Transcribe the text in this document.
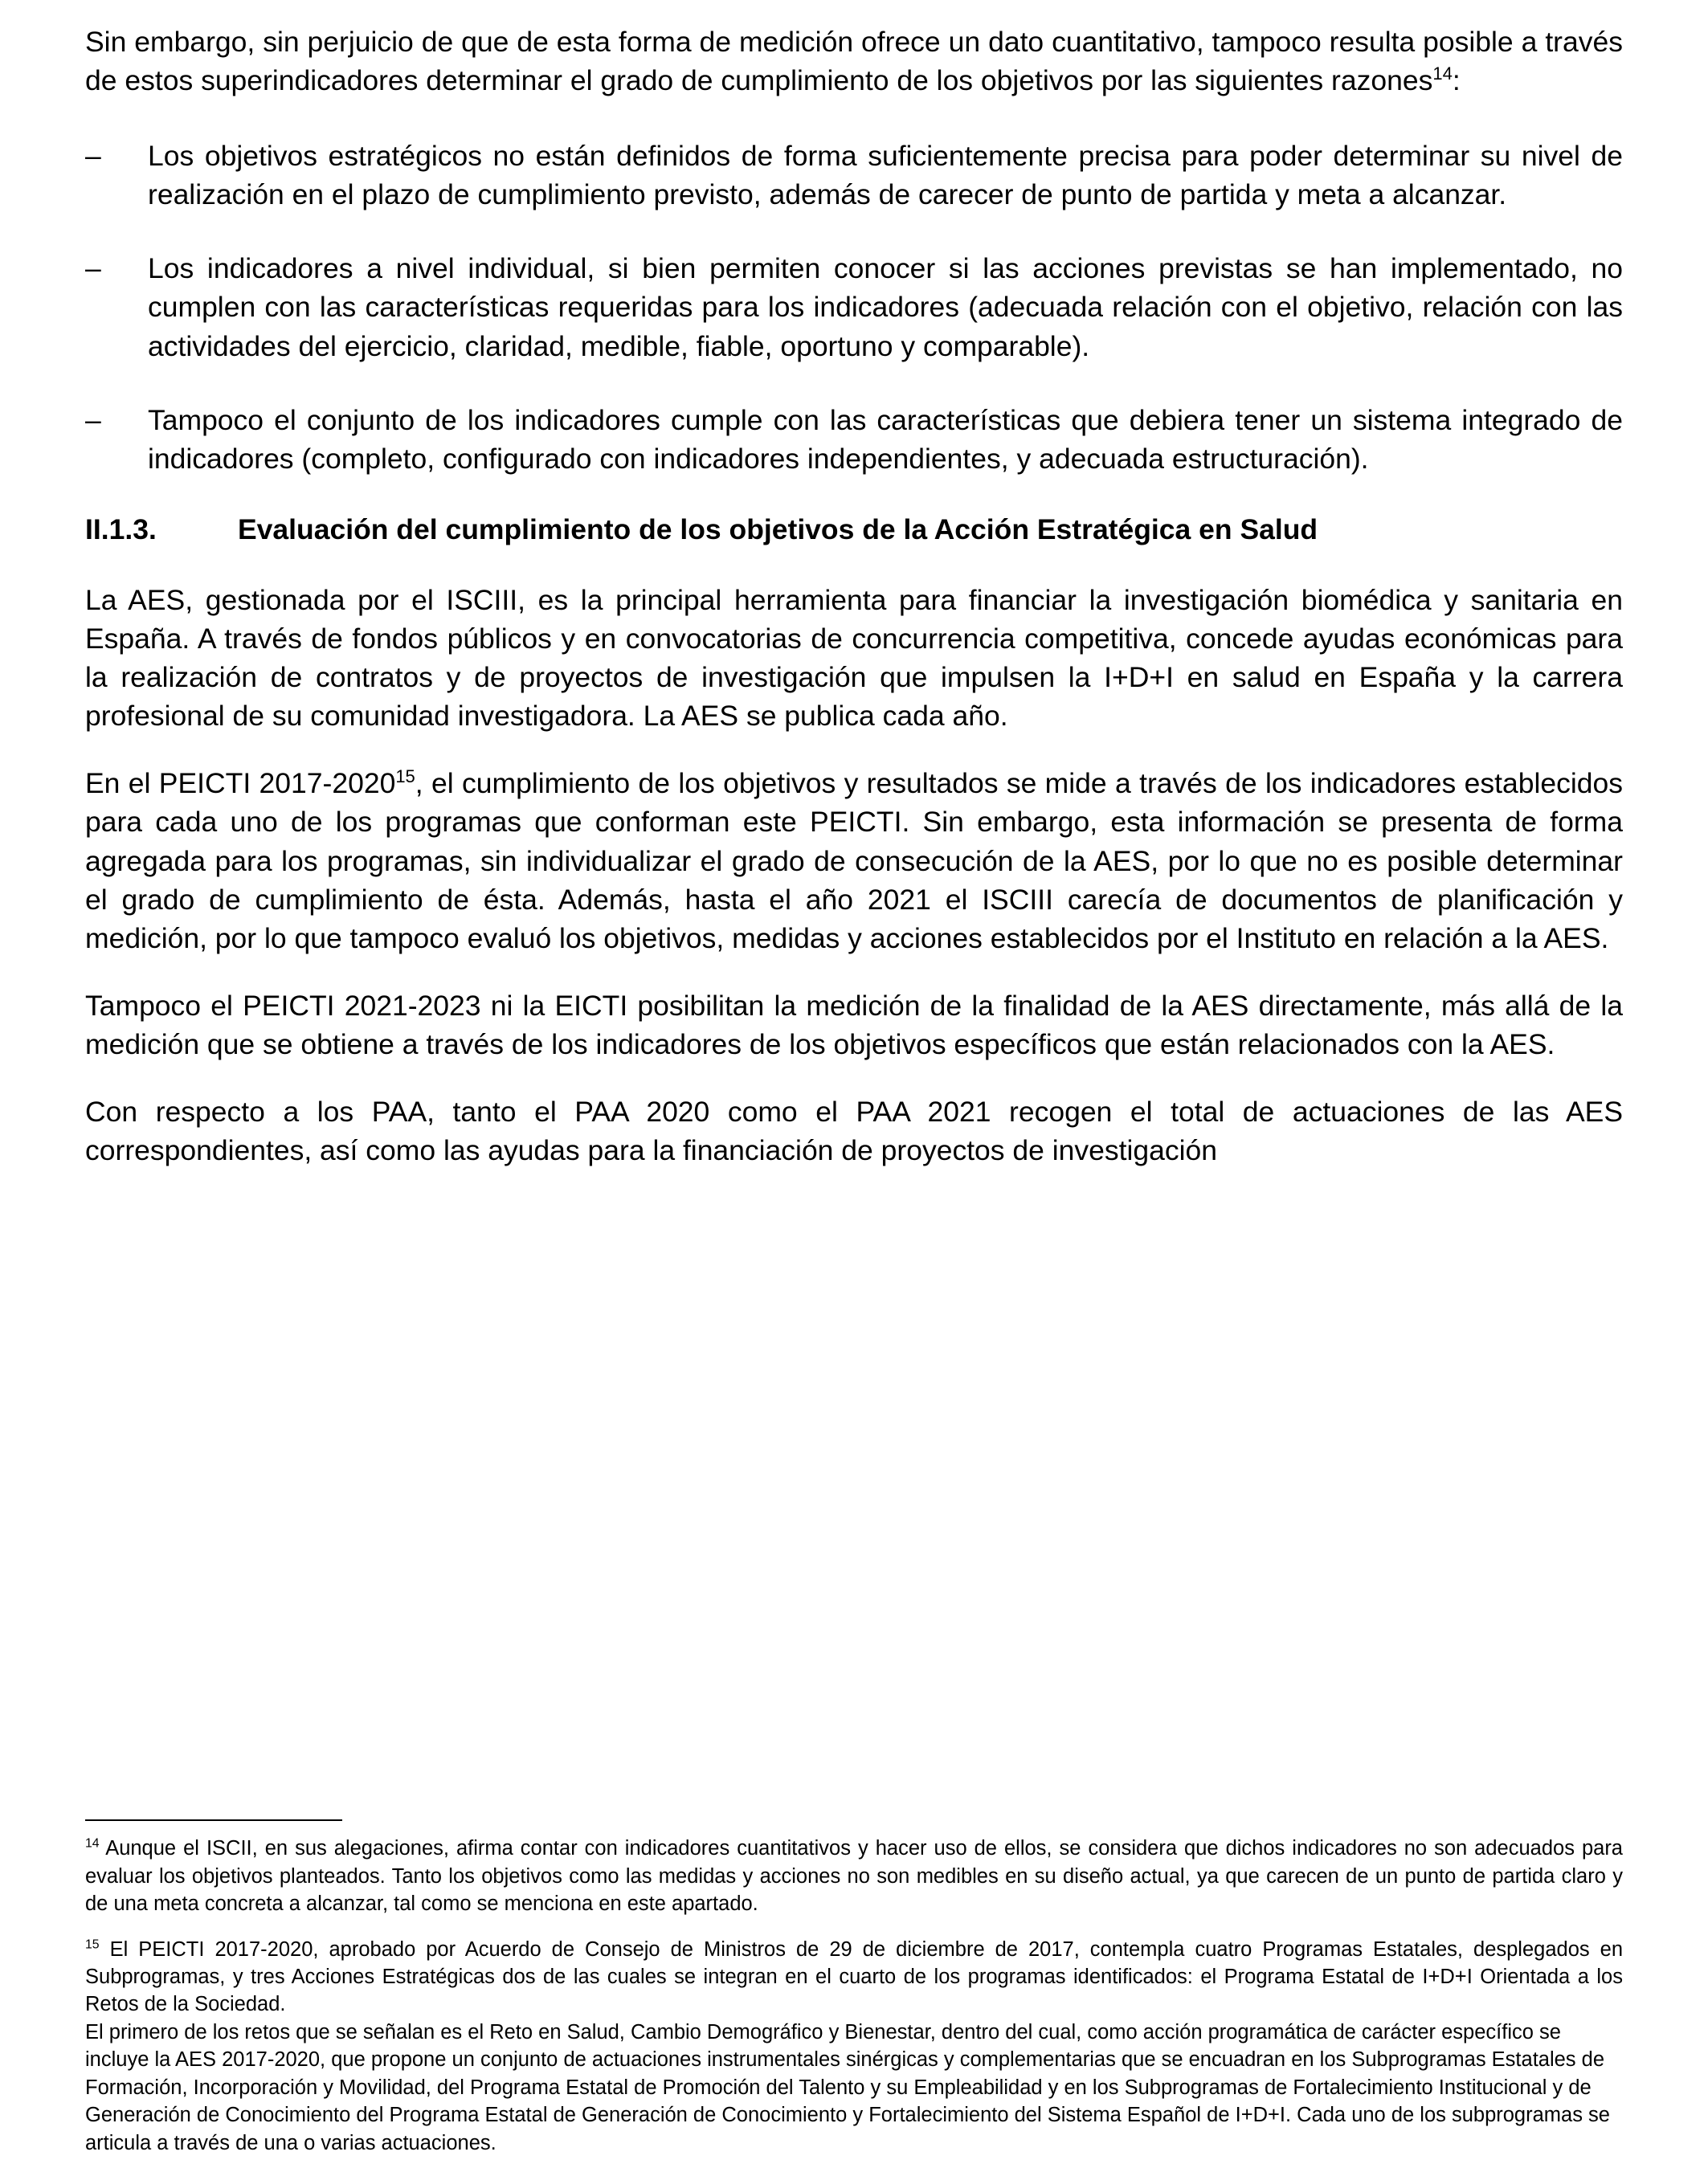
Sin embargo, sin perjuicio de que de esta forma de medición ofrece un dato cuantitativo, tampoco resulta posible a través de estos superindicadores determinar el grado de cumplimiento de los objetivos por las siguientes razones$^{14}$:

– Los objetivos estratégicos no están definidos de forma suficientemente precisa para poder determinar su nivel de realización en el plazo de cumplimiento previsto, además de carecer de punto de partida y meta a alcanzar.
– Los indicadores a nivel individual, si bien permiten conocer si las acciones previstas se han implementado, no cumplen con las características requeridas para los indicadores (adecuada relación con el objetivo, relación con las actividades del ejercicio, claridad, medible, fiable, oportuno y comparable).
– Tampoco el conjunto de los indicadores cumple con las características que debiera tener un sistema integrado de indicadores (completo, configurado con indicadores independientes, y adecuada estructuración).
II.1.3.	Evaluación del cumplimiento de los objetivos de la Acción Estratégica en Salud

La AES, gestionada por el ISCIII, es la principal herramienta para financiar la investigación biomédica y sanitaria en España. A través de fondos públicos y en convocatorias de concurrencia competitiva, concede ayudas económicas para la realización de contratos y de proyectos de investigación que impulsen la I+D+I en salud en España y la carrera profesional de su comunidad investigadora. La AES se publica cada año.

En el PEICTI 2017-2020$^{15}$, el cumplimiento de los objetivos y resultados se mide a través de los indicadores establecidos para cada uno de los programas que conforman este PEICTI. Sin embargo, esta información se presenta de forma agregada para los programas, sin individualizar el grado de consecución de la AES, por lo que no es posible determinar el grado de cumplimiento de ésta. Además, hasta el año 2021 el ISCIII carecía de documentos de planificación y medición, por lo que tampoco evaluó los objetivos, medidas y acciones establecidos por el Instituto en relación a la AES.

Tampoco el PEICTI 2021-2023 ni la EICTI posibilitan la medición de la finalidad de la AES directamente, más allá de la medición que se obtiene a través de los indicadores de los objetivos específicos que están relacionados con la AES.

Con respecto a los PAA, tanto el PAA 2020 como el PAA 2021 recogen el total de actuaciones de las AES correspondientes, así como las ayudas para la financiación de proyectos de investigación

$^{14}$ Aunque el ISCII, en sus alegaciones, afirma contar con indicadores cuantitativos y hacer uso de ellos, se considera que dichos indicadores no son adecuados para evaluar los objetivos planteados. Tanto los objetivos como las medidas y acciones no son medibles en su diseño actual, ya que carecen de un punto de partida claro y de una meta concreta a alcanzar, tal como se menciona en este apartado.

$^{15}$ El PEICTI 2017-2020, aprobado por Acuerdo de Consejo de Ministros de 29 de diciembre de 2017, contempla cuatro Programas Estatales, desplegados en Subprogramas, y tres Acciones Estratégicas dos de las cuales se integran en el cuarto de los programas identificados: el Programa Estatal de I+D+I Orientada a los Retos de la Sociedad.

El primero de los retos que se señalan es el Reto en Salud, Cambio Demográfico y Bienestar, dentro del cual, como acción programática de carácter específico se incluye la AES 2017-2020, que propone un conjunto de actuaciones instrumentales sinérgicas y complementarias que se encuadran en los Subprogramas Estatales de Formación, Incorporación y Movilidad, del Programa Estatal de Promoción del Talento y su Empleabilidad y en los Subprogramas de Fortalecimiento Institucional y de Generación de Conocimiento del Programa Estatal de Generación de Conocimiento y Fortalecimiento del Sistema Español de I+D+I. Cada uno de los subprogramas se articula a través de una o varias actuaciones.
